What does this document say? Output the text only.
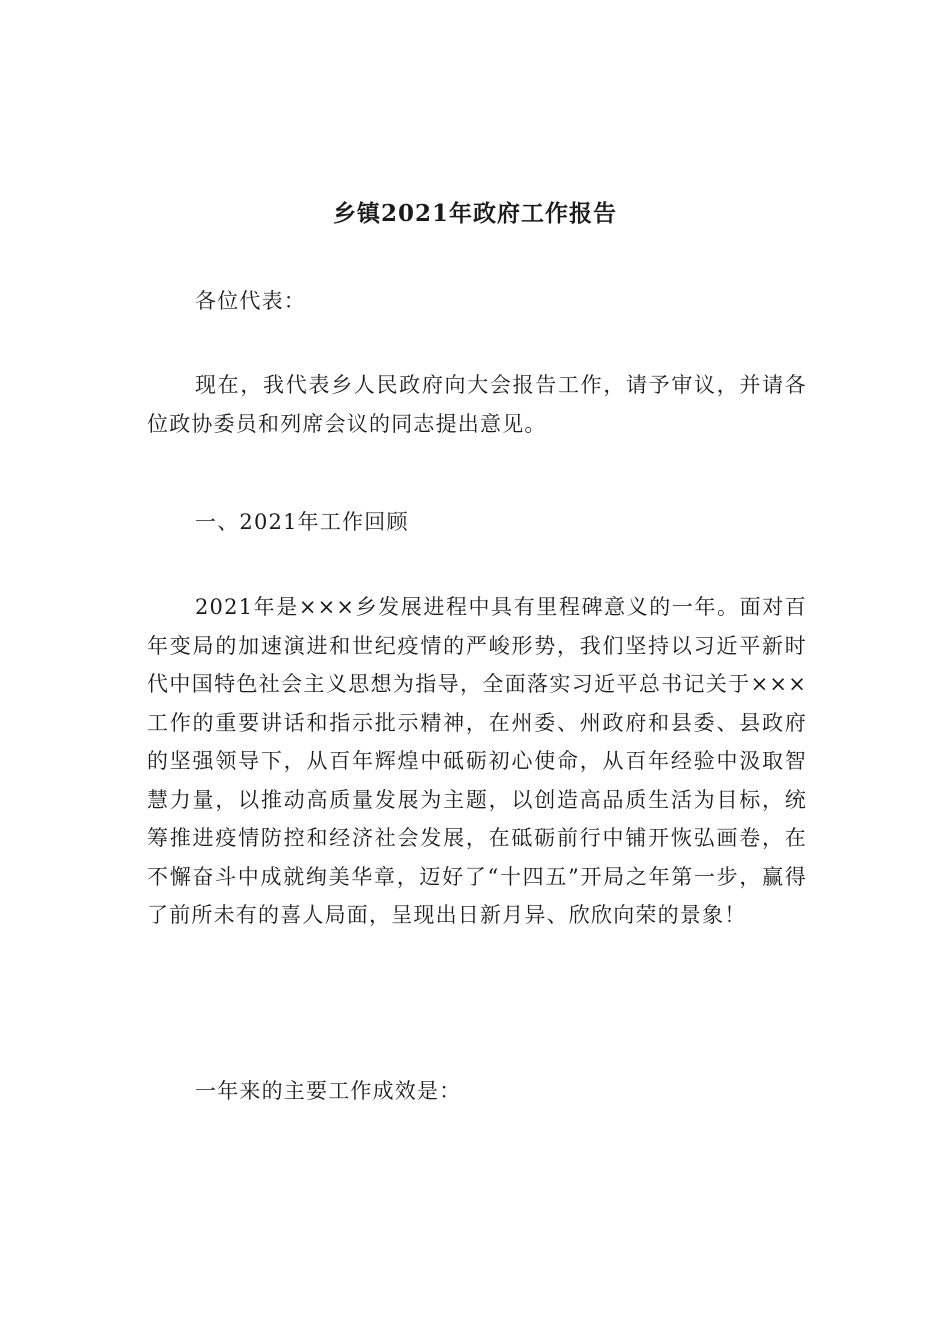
乡镇2021年政府工作报告

各位代表：

现在，我代表乡人民政府向大会报告工作，请予审议，并请各位政协委员和列席会议的同志提出意见。

一、2021年工作回顾

2021年是×××乡发展进程中具有里程碑意义的一年。面对百年变局的加速演进和世纪疫情的严峻形势，我们坚持以习近平新时代中国特色社会主义思想为指导，全面落实习近平总书记关于×××工作的重要讲话和指示批示精神，在州委、州政府和县委、县政府的坚强领导下，从百年辉煌中砥砺初心使命，从百年经验中汲取智慧力量，以推动高质量发展为主题，以创造高品质生活为目标，统筹推进疫情防控和经济社会发展，在砥砺前行中铺开恢弘画卷，在不懈奋斗中成就绚美华章，迈好了“十四五”开局之年第一步，赢得了前所未有的喜人局面，呈现出日新月异、欣欣向荣的景象！

一年来的主要工作成效是：
